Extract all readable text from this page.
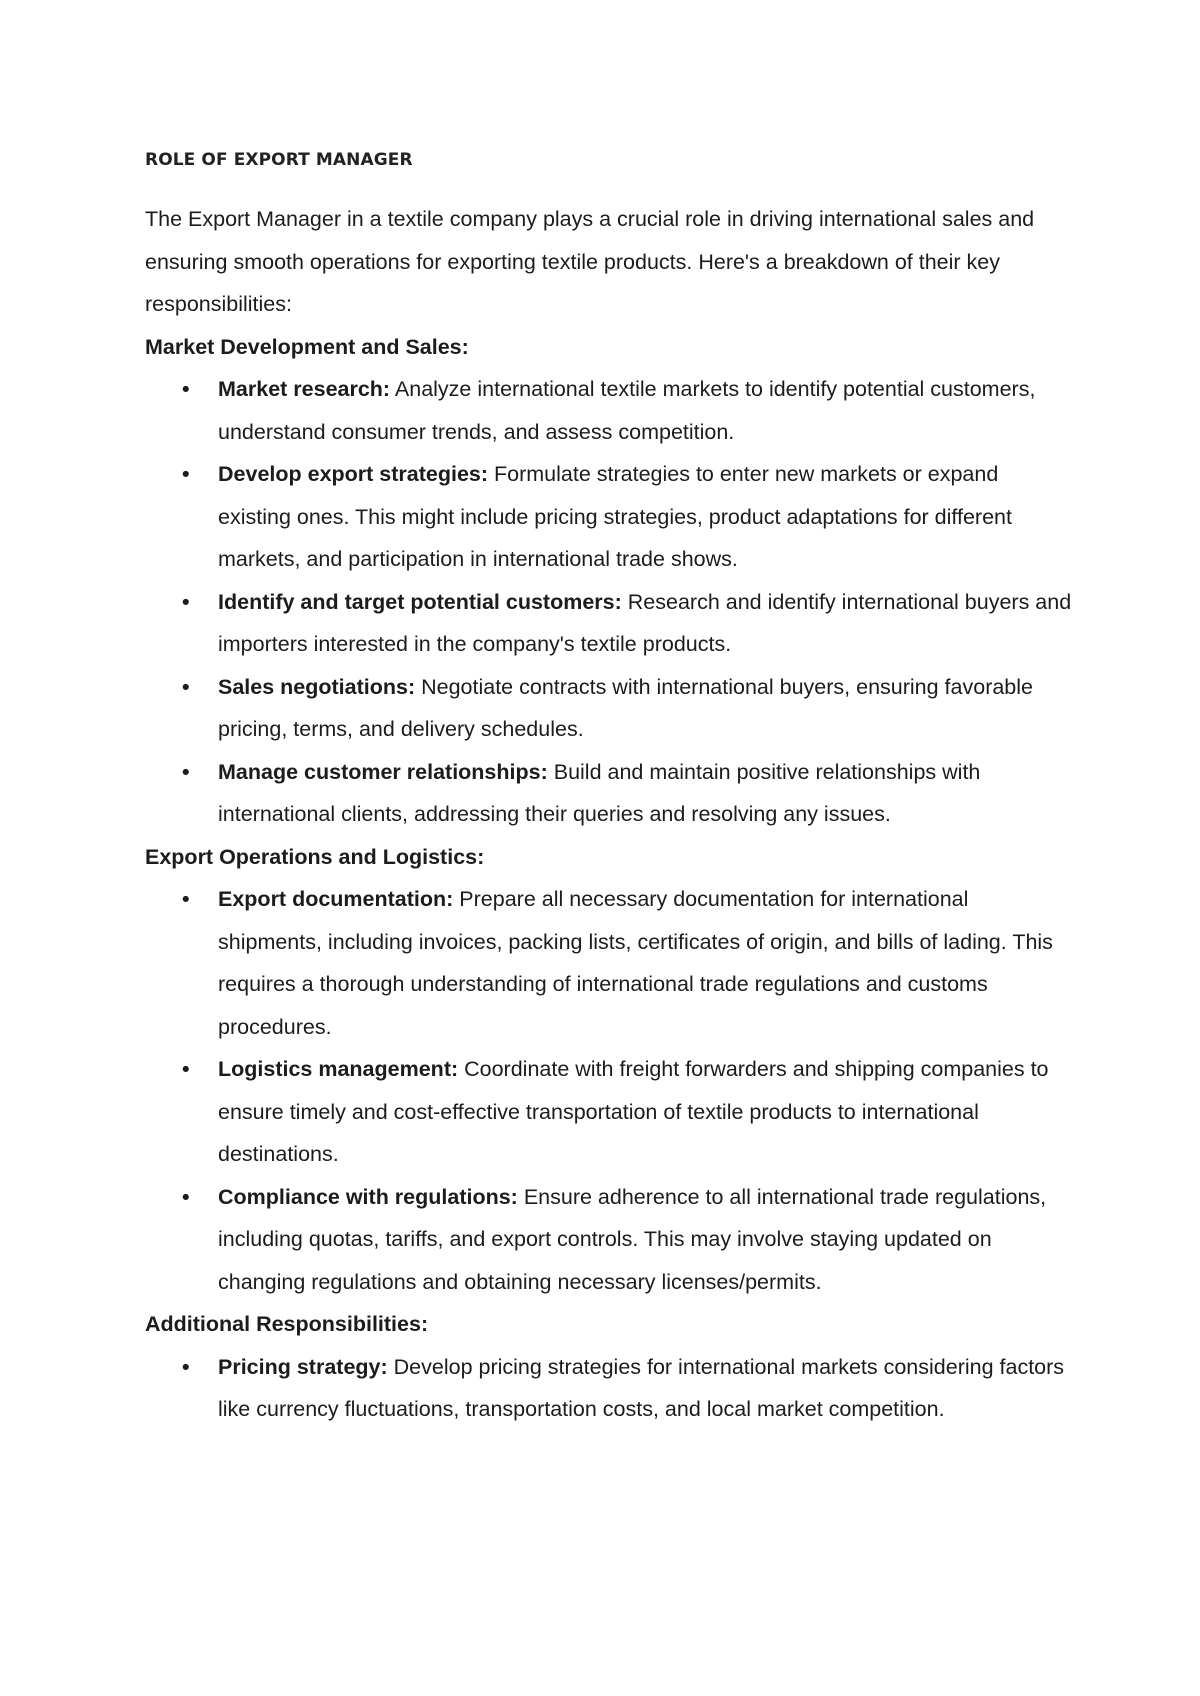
ROLE OF EXPORT MANAGER

The Export Manager in a textile company plays a crucial role in driving international sales and ensuring smooth operations for exporting textile products. Here's a breakdown of their key responsibilities:

Market Development and Sales:

• Market research: Analyze international textile markets to identify potential customers, understand consumer trends, and assess competition.
• Develop export strategies: Formulate strategies to enter new markets or expand existing ones. This might include pricing strategies, product adaptations for different markets, and participation in international trade shows.
• Identify and target potential customers: Research and identify international buyers and importers interested in the company's textile products.
• Sales negotiations: Negotiate contracts with international buyers, ensuring favorable pricing, terms, and delivery schedules.
• Manage customer relationships: Build and maintain positive relationships with international clients, addressing their queries and resolving any issues.

Export Operations and Logistics:

• Export documentation: Prepare all necessary documentation for international shipments, including invoices, packing lists, certificates of origin, and bills of lading. This requires a thorough understanding of international trade regulations and customs procedures.
• Logistics management: Coordinate with freight forwarders and shipping companies to ensure timely and cost-effective transportation of textile products to international destinations.
• Compliance with regulations: Ensure adherence to all international trade regulations, including quotas, tariffs, and export controls. This may involve staying updated on changing regulations and obtaining necessary licenses/permits.

Additional Responsibilities:

• Pricing strategy: Develop pricing strategies for international markets considering factors like currency fluctuations, transportation costs, and local market competition.
